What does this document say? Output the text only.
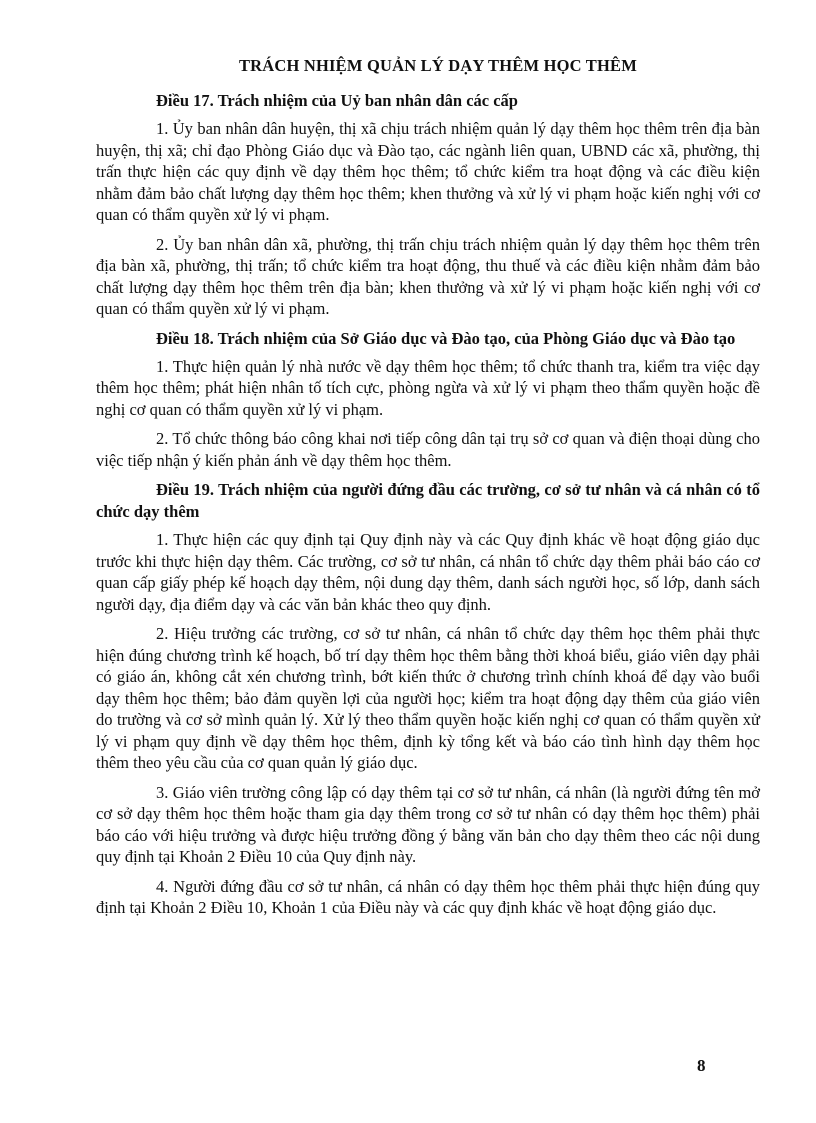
TRÁCH NHIỆM QUẢN LÝ DẠY THÊM HỌC THÊM

Điều 17. Trách nhiệm của Uỷ ban nhân dân các cấp

1. Ủy ban nhân dân huyện, thị xã chịu trách nhiệm quản lý dạy thêm học thêm trên địa bàn huyện, thị xã; chỉ đạo Phòng Giáo dục và Đào tạo, các ngành liên quan, UBND các xã, phường, thị trấn thực hiện các quy định về dạy thêm học thêm; tổ chức kiểm tra hoạt động và các điều kiện nhằm đảm bảo chất lượng dạy thêm học thêm; khen thưởng và xử lý vi phạm hoặc kiến nghị với cơ quan có thẩm quyền xử lý vi phạm.

2. Ủy ban nhân dân xã, phường, thị trấn chịu trách nhiệm quản lý dạy thêm học thêm trên địa bàn xã, phường, thị trấn; tổ chức kiểm tra hoạt động, thu thuế và các điều kiện nhằm đảm bảo chất lượng dạy thêm học thêm trên địa bàn; khen thưởng và xử lý vi phạm hoặc kiến nghị với cơ quan có thẩm quyền xử lý vi phạm.

Điều 18. Trách nhiệm của Sở Giáo dục và Đào tạo, của Phòng Giáo dục và Đào tạo

1. Thực hiện quản lý nhà nước về dạy thêm học thêm; tổ chức thanh tra, kiểm tra việc dạy thêm học thêm; phát hiện nhân tố tích cực, phòng ngừa và xử lý vi phạm theo thẩm quyền hoặc đề nghị cơ quan có thẩm quyền xử lý vi phạm.

2. Tổ chức thông báo công khai nơi tiếp công dân tại trụ sở cơ quan và điện thoại dùng cho việc tiếp nhận ý kiến phản ánh về dạy thêm học thêm.

Điều 19. Trách nhiệm của người đứng đầu các trường, cơ sở tư nhân và cá nhân có tổ chức dạy thêm

1. Thực hiện các quy định tại Quy định này và các Quy định khác về hoạt động giáo dục trước khi thực hiện dạy thêm. Các trường, cơ sở tư nhân, cá nhân tổ chức dạy thêm phải báo cáo cơ quan cấp giấy phép kế hoạch dạy thêm, nội dung dạy thêm, danh sách người học, số lớp, danh sách người dạy, địa điểm dạy và các văn bản khác theo quy định.

2. Hiệu trưởng các trường, cơ sở tư nhân, cá nhân tổ chức dạy thêm học thêm phải thực hiện đúng chương trình kế hoạch, bố trí dạy thêm học thêm bằng thời khoá biểu, giáo viên dạy phải có giáo án, không cắt xén chương trình, bớt kiến thức ở chương trình chính khoá để dạy vào buổi dạy thêm học thêm; bảo đảm quyền lợi của người học; kiểm tra hoạt động dạy thêm của giáo viên do trường và cơ sở mình quản lý. Xử lý theo thẩm quyền hoặc kiến nghị cơ quan có thẩm quyền xử lý vi phạm quy định về dạy thêm học thêm, định kỳ tổng kết và báo cáo tình hình dạy thêm học thêm theo yêu cầu của cơ quan quản lý giáo dục.

3. Giáo viên trường công lập có dạy thêm tại cơ sở tư nhân, cá nhân (là người đứng tên mở cơ sở dạy thêm học thêm hoặc tham gia dạy thêm trong cơ sở tư nhân có dạy thêm học thêm) phải báo cáo với hiệu trưởng và được hiệu trưởng đồng ý bằng văn bản cho dạy thêm theo các nội dung quy định tại Khoản 2 Điều 10 của Quy định này.

4. Người đứng đầu cơ sở tư nhân, cá nhân có dạy thêm học thêm phải thực hiện đúng quy định tại Khoản 2 Điều 10, Khoản 1 của Điều này và các quy định khác về hoạt động giáo dục.

8
